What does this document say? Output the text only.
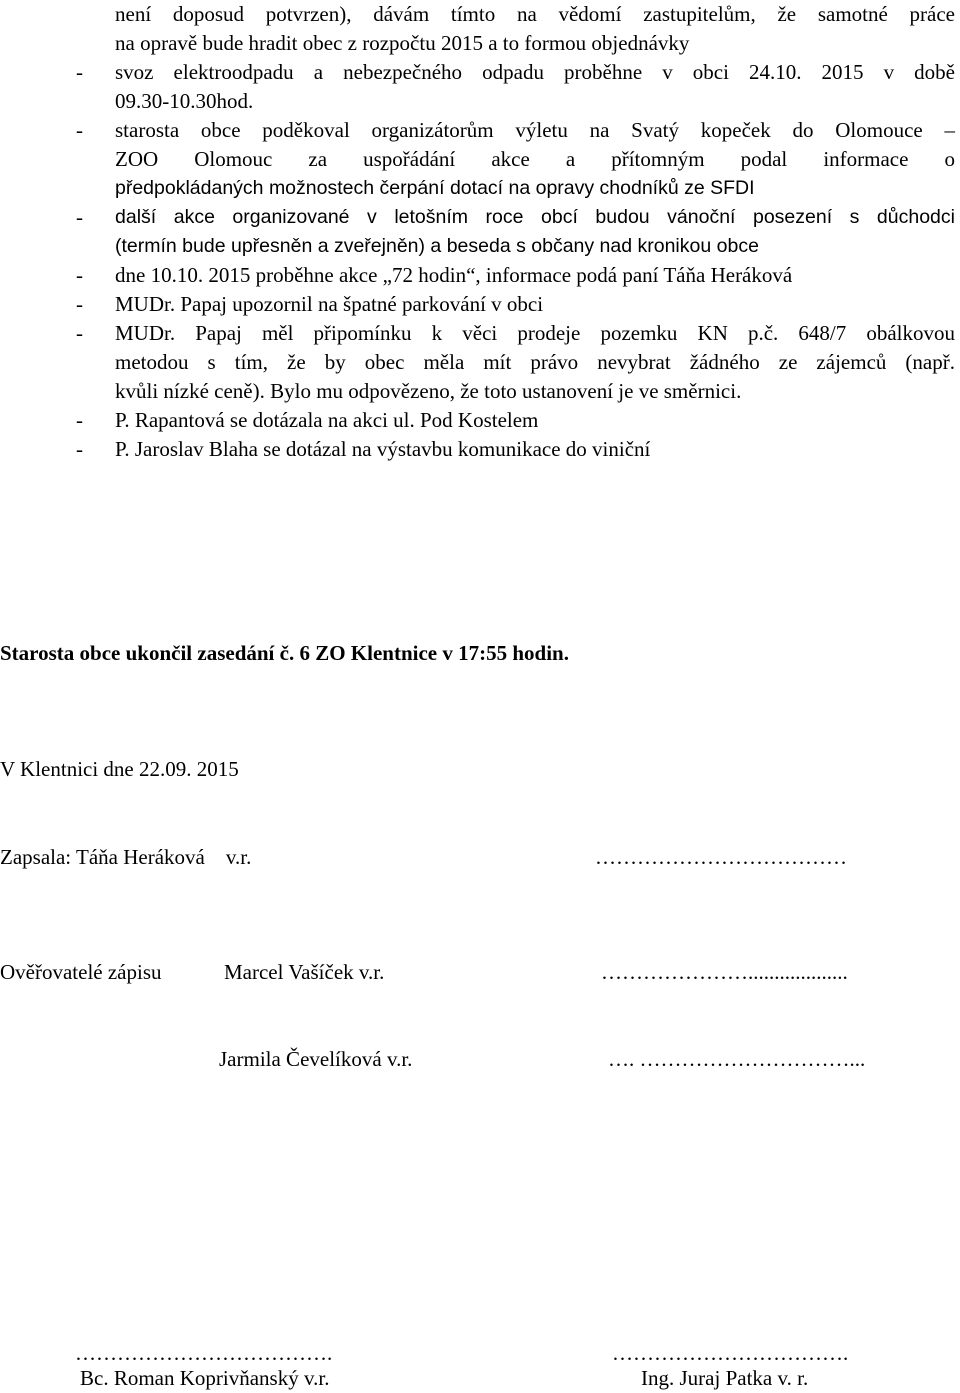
není doposud potvrzen), dávám tímto na vědomí zastupitelům, že samotné práce
na opravě bude hradit obec z rozpočtu 2015 a to formou objednávky
- svoz elektroodpadu a nebezpečného odpadu proběhne v obci 24.10. 2015 v době
09.30-10.30hod.
- starosta obce poděkoval organizátorům výletu na Svatý kopeček do Olomouce –
ZOO Olomouc za uspořádání akce a přítomným podal informace o
předpokládaných možnostech čerpání dotací na opravy chodníků ze SFDI
- další akce organizované v letošním roce obcí budou vánoční posezení s důchodci
(termín bude upřesněn a zveřejněn) a beseda s občany nad kronikou obce
- dne 10.10. 2015 proběhne akce „72 hodin“, informace podá paní Táňa Heráková
- MUDr. Papaj upozornil na špatné parkování v obci
- MUDr. Papaj měl připomínku k věci prodeje pozemku KN p.č. 648/7 obálkovou
metodou s tím, že by obec měla mít právo nevybrat žádného ze zájemců (např.
kvůli nízké ceně). Bylo mu odpovězeno, že toto ustanovení je ve směrnici.
- P. Rapantová se dotázala na akci ul. Pod Kostelem
- P. Jaroslav Blaha se dotázal na výstavbu komunikace do viniční
Starosta obce ukončil zasedání č. 6 ZO Klentnice v 17:55 hodin.
V Klentnici dne 22.09. 2015
Zapsala: Táňa Heráková    v.r.	………………………………
Ověřovatelé zápisu	Marcel Vašíček v.r.	…………………...................
Jarmila Čevelíková v.r.	…. …………………………...
……………………………….
Bc. Roman Koprivňanský v.r.
…………………………….
Ing. Juraj Patka v. r.
